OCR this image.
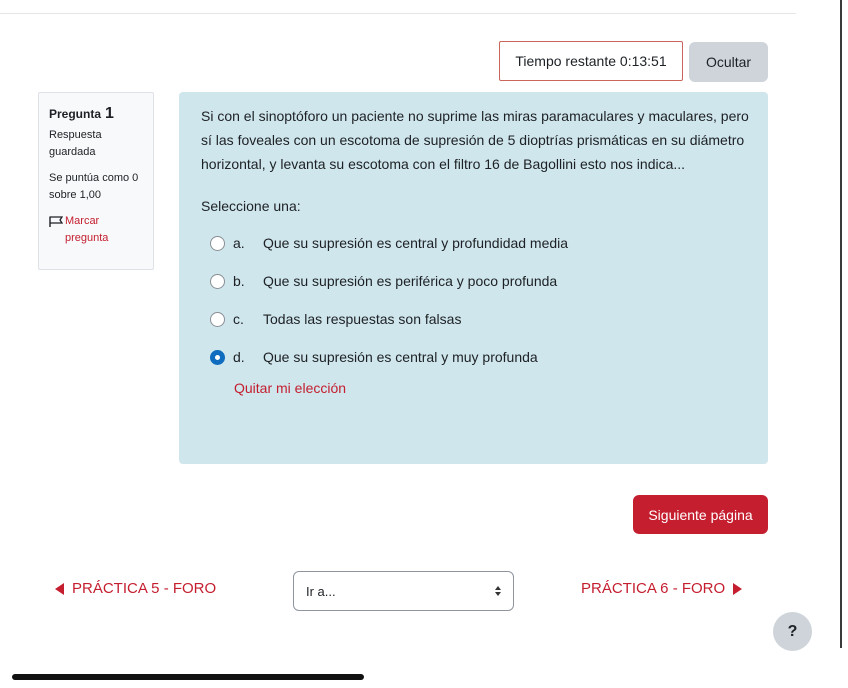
Tiempo restante 0:13:51	Ocultar
Pregunta 1
Respuesta guardada
Se puntúa como 0 sobre 1,00
Marcar pregunta
Si con el sinoptóforo un paciente no suprime las miras paramaculares y maculares, pero sí las foveales con un escotoma de supresión de 5 dioptrías prismáticas en su diámetro horizontal, y levanta su escotoma con el filtro 16 de Bagollini esto nos indica...
Seleccione una:
a.	Que su supresión es central y profundidad media
b.	Que su supresión es periférica y poco profunda
c.	Todas las respuestas son falsas
d.	Que su supresión es central y muy profunda
Quitar mi elección
Siguiente página
PRÁCTICA 5 - FORO	Ir a...	PRÁCTICA 6 - FORO
?
